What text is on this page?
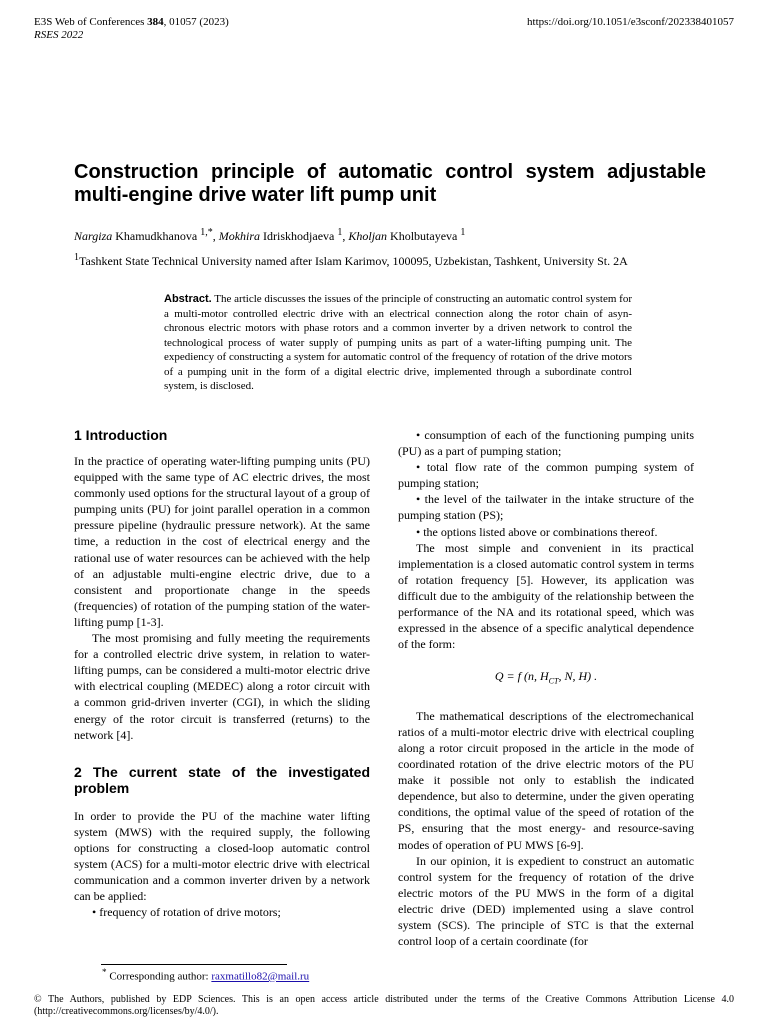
E3S Web of Conferences 384, 01057 (2023)
RSES 2022
https://doi.org/10.1051/e3sconf/202338401057
Construction principle of automatic control system adjustable multi-engine drive water lift pump unit
Nargiza Khamudkhanova $^{1,*}$, Mokhira Idriskhodjaeva $^1$, Kholjan Kholbutayeva $^1$
$^1$Tashkent State Technical University named after Islam Karimov, 100095, Uzbekistan, Tashkent, University St. 2A
Abstract. The article discusses the issues of the principle of constructing an automatic control system for a multi-motor controlled electric drive with an electrical connection along the rotor chain of asyn-chronous electric motors with phase rotors and a common inverter by a driven network to control the technological process of water supply of pumping units as part of a water-lifting pumping unit. The expediency of constructing a system for automatic control of the frequency of rotation of the drive motors of a pumping unit in the form of a digital electric drive, implemented through a subordinate control system, is disclosed.
1 Introduction

In the practice of operating water-lifting pumping units (PU) equipped with the same type of AC electric drives, the most commonly used options for the structural layout of a group of pumping units (PU) for joint parallel operation in a common pressure pipeline (hydraulic pressure network). At the same time, a reduction in the cost of electrical energy and the rational use of water resources can be achieved with the help of an adjustable multi-engine electric drive, due to a consistent and proportionate change in the speeds (frequencies) of rotation of the pumping station of the water-lifting pump [1-3].

The most promising and fully meeting the requirements for a controlled electric drive system, in relation to water-lifting pumps, can be considered a multi-motor electric drive with electrical coupling (MEDEC) along a rotor circuit with a common grid-driven inverter (CGI), in which the sliding energy of the rotor circuit is transferred (returns) to the network [4].

2 The current state of the investigated problem

In order to provide the PU of the machine water lifting system (MWS) with the required supply, the following options for constructing a closed-loop automatic control system (ACS) for a multi-motor electric drive with electrical communication and a common inverter driven by a network can be applied:

• frequency of rotation of drive motors;

• consumption of each of the functioning pumping units (PU) as a part of pumping station;

• total flow rate of the common pumping system of pumping station;

• the level of the tailwater in the intake structure of the pumping station (PS);

• the options listed above or combinations thereof.

The most simple and convenient in its practical implementation is a closed automatic control system in terms of rotation frequency [5]. However, its application was difficult due to the ambiguity of the relationship between the performance of the NA and its rotational speed, which was expressed in the absence of a specific analytical dependence of the form:

Q = f (n, $H_{CT}$, N, H) .

The mathematical descriptions of the electromechanical ratios of a multi-motor electric drive with electrical coupling along a rotor circuit proposed in the article in the mode of coordinated rotation of the drive electric motors of the PU make it possible not only to establish the indicated dependence, but also to determine, under the given operating conditions, the optimal value of the speed of rotation of the PS, ensuring that the most energy- and resource-saving modes of operation of PU MWS [6-9].

In our opinion, it is expedient to construct an automatic control system for the frequency of rotation of the drive electric motors of the PU MWS in the form of a digital electric drive (DED) implemented using a slave control system (SCS). The principle of STC is that the external control loop of a certain coordinate (for

* Corresponding author: raxmatillo82@mail.ru
© The Authors, published by EDP Sciences. This is an open access article distributed under the terms of the Creative Commons Attribution License 4.0 (http://creativecommons.org/licenses/by/4.0/).
